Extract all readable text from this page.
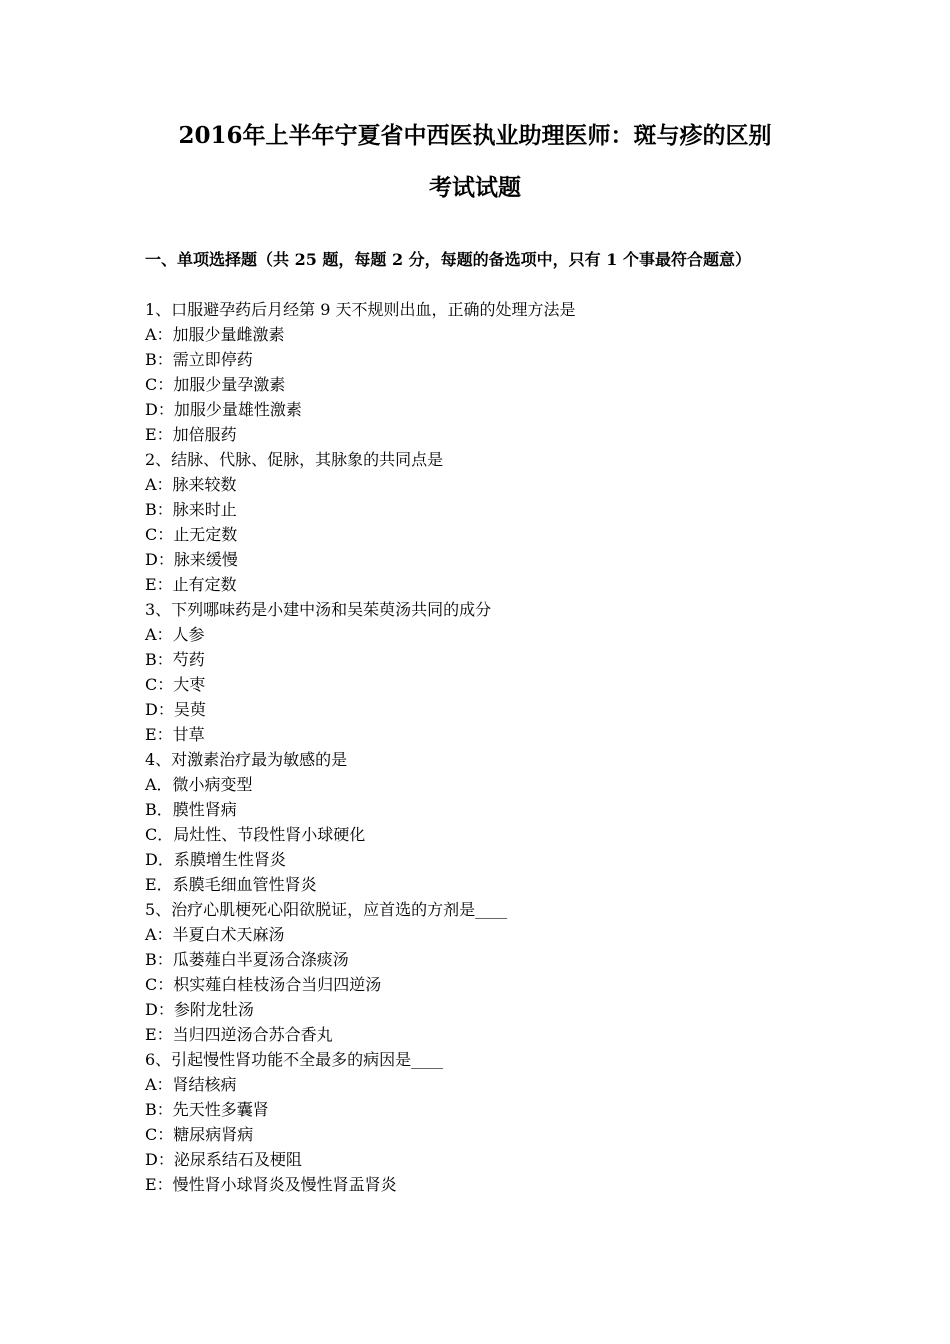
2016年上半年宁夏省中西医执业助理医师：斑与疹的区别
考试试题

一、单项选择题（共 25 题，每题 2 分，每题的备选项中，只有 1 个事最符合题意）

1、口服避孕药后月经第 9 天不规则出血，正确的处理方法是
A：加服少量雌激素
B：需立即停药
C：加服少量孕激素
D：加服少量雄性激素
E：加倍服药
2、结脉、代脉、促脉，其脉象的共同点是
A：脉来较数
B：脉来时止
C：止无定数
D：脉来缓慢
E：止有定数
3、下列哪味药是小建中汤和吴茱萸汤共同的成分
A：人参
B：芍药
C：大枣
D：吴萸
E：甘草
4、对激素治疗最为敏感的是
A．微小病变型
B．膜性肾病
C．局灶性、节段性肾小球硬化
D．系膜增生性肾炎
E．系膜毛细血管性肾炎
5、治疗心肌梗死心阳欲脱证，应首选的方剂是____
A：半夏白术天麻汤
B：瓜蒌薤白半夏汤合涤痰汤
C：枳实薤白桂枝汤合当归四逆汤
D：参附龙牡汤
E：当归四逆汤合苏合香丸
6、引起慢性肾功能不全最多的病因是____
A：肾结核病
B：先天性多囊肾
C：糖尿病肾病
D：泌尿系结石及梗阻
E：慢性肾小球肾炎及慢性肾盂肾炎
